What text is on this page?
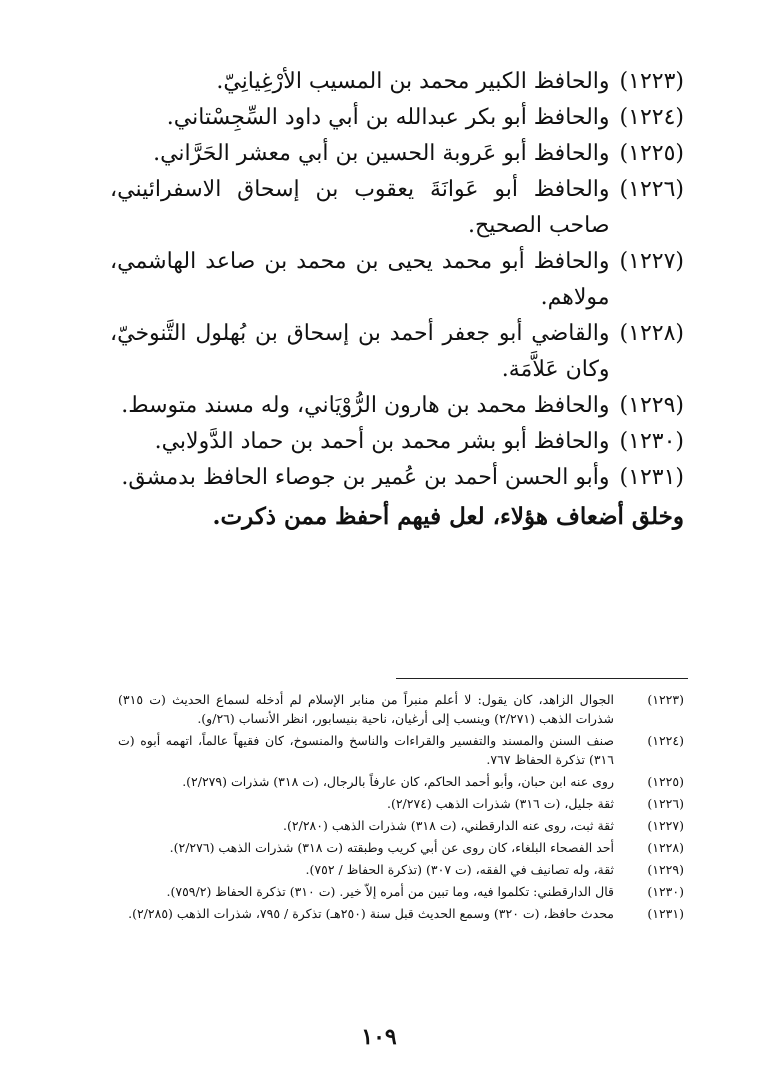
(١٢٢٣)
والحافظ الكبير محمد بن المسيب الأرْغِيانِيّ.
(١٢٢٤)
والحافظ أبو بكر عبدالله بن أبي داود السِّجِسْتاني.
(١٢٢٥)
والحافظ أبو عَروبة الحسين بن أبي معشر الحَرَّاني.
(١٢٢٦)
والحافظ أبو عَوانَةَ يعقوب بن إسحاق الاسفرائيني، صاحب الصحيح.
(١٢٢٧)
والحافظ أبو محمد يحيى بن محمد بن صاعد الهاشمي، مولاهم.
(١٢٢٨)
والقاضي أبو جعفر أحمد بن إسحاق بن بُهلول التَّنوخيّ، وكان عَلاَّمَة.
(١٢٢٩)
والحافظ محمد بن هارون الرُّوْيَاني، وله مسند متوسط.
(١٢٣٠)
والحافظ أبو بشر محمد بن أحمد بن حماد الدَّولابي.
(١٢٣١)
وأبو الحسن أحمد بن عُمير بن جوصاء الحافظ بدمشق.
وخلق أضعاف هؤلاء، لعل فيهم أحفظ ممن ذكرت.
(١٢٢٣)
الجوال الزاهد، كان يقول: لا أعلم منبراً من منابر الإسلام لم أدخله لسماع الحديث (ت ٣١٥) شذرات الذهب (٢/٢٧١) وينسب إلى أرغيان، ناحية بنيسابور، انظر الأنساب (٢٦/و).
(١٢٢٤)
صنف السنن والمسند والتفسير والقراءات والناسخ والمنسوخ، كان فقيهاً عالماً، اتهمه أبوه (ت ٣١٦) تذكرة الحفاظ ٧٦٧.
(١٢٢٥)
روى عنه ابن حبان، وأبو أحمد الحاكم، كان عارفاً بالرجال، (ت ٣١٨) شذرات (٢/٢٧٩).
(١٢٢٦)
ثقة جليل، (ت ٣١٦) شذرات الذهب (٢/٢٧٤).
(١٢٢٧)
ثقة ثبت، روى عنه الدارقطني، (ت ٣١٨) شذرات الذهب (٢/٢٨٠).
(١٢٢٨)
أحد الفصحاء البلغاء، كان روى عن أبي كريب وطبقته (ت ٣١٨) شذرات الذهب (٢/٢٧٦).
(١٢٢٩)
ثقة، وله تصانيف في الفقه، (ت ٣٠٧) (تذكرة الحفاظ / ٧٥٢).
(١٢٣٠)
قال الدارقطني: تكلموا فيه، وما تبين من أمره إلاّ خير. (ت ٣١٠) تذكرة الحفاظ (٧٥٩/٢).
(١٢٣١)
محدث حافظ، (ت ٣٢٠) وسمع الحديث قبل سنة (٢٥٠هـ) تذكرة / ٧٩٥، شذرات الذهب (٢/٢٨٥).
١٠٩
